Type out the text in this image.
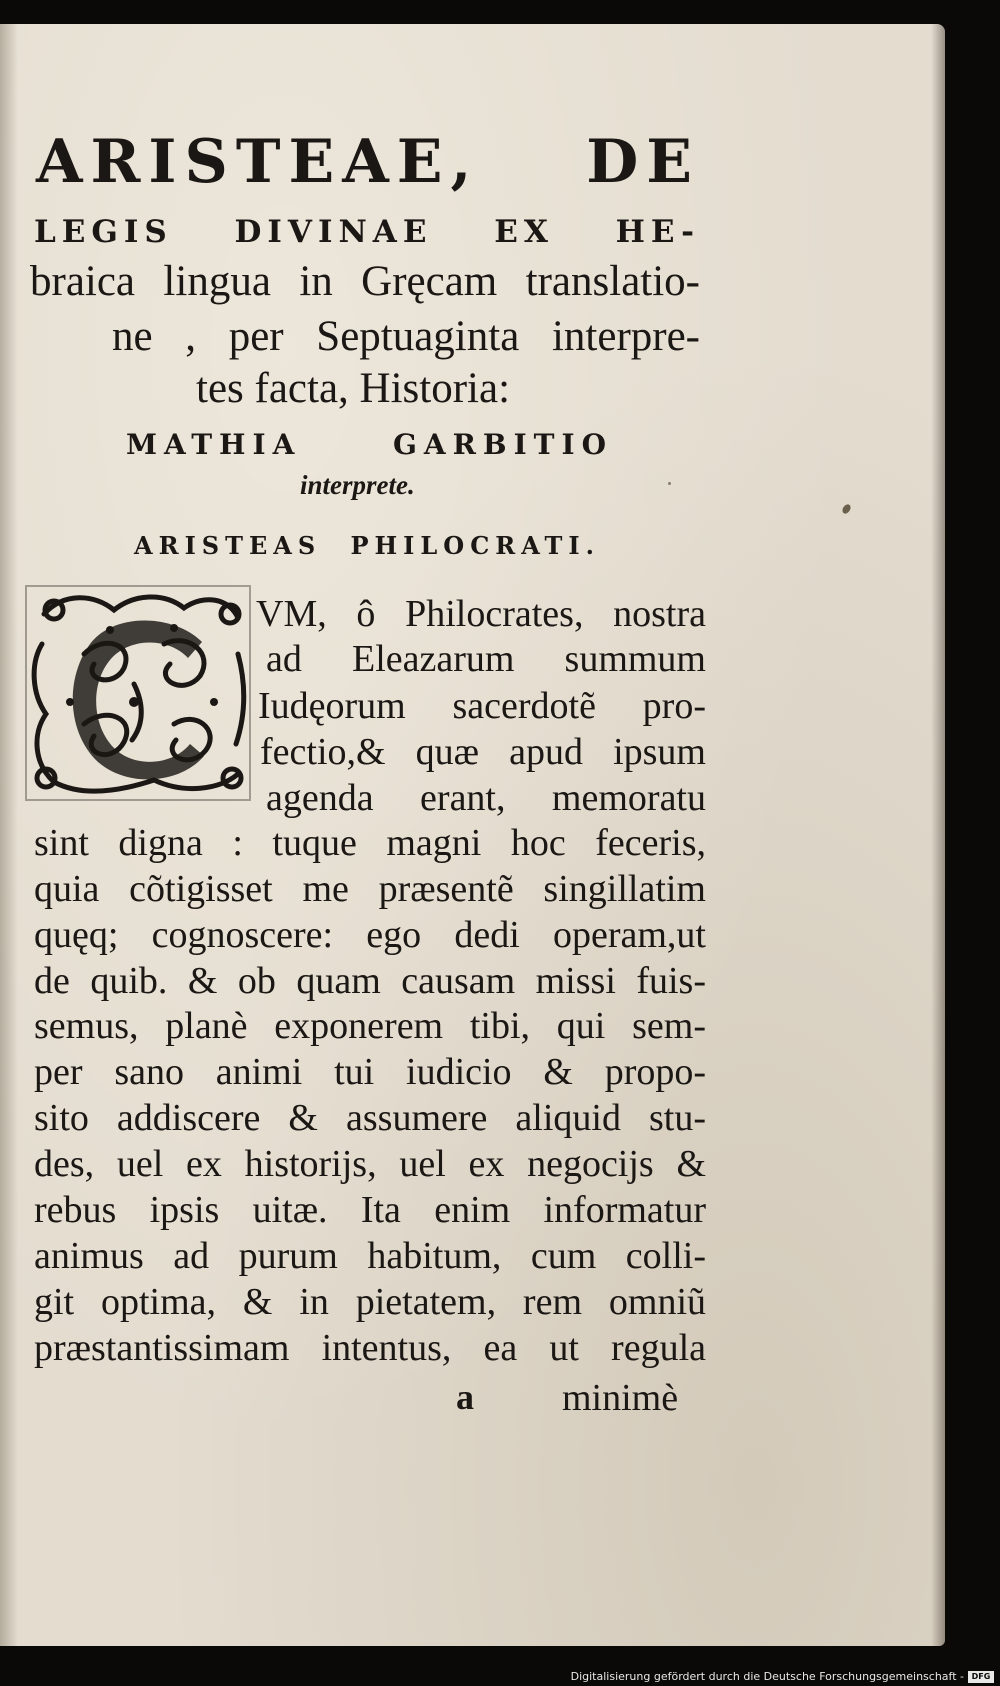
ARISTEAE, DE
LEGIS DIVINAE EX HE-
braica lingua in Gręcam translatio-
ne , per Septuaginta interpre-
tes facta, Historia:
MATHIA GARBITIO
interprete.
ARISTEAS PHILOCRATI.
VM, ô Philocrates, nostra
ad Eleazarum summum
Iudęorum sacerdotẽ pro-
fectio,& quæ apud ipsum
agenda erant, memoratu
sint digna : tuque magni hoc feceris,
quia cõtigisset me præsentẽ singillatim
quęq; cognoscere: ego dedi operam,ut
de quib. & ob quam causam missi fuis-
semus, planè exponerem tibi, qui sem-
per sano animi tui iudicio & propo-
sito addiscere & assumere aliquid stu-
des, uel ex historijs, uel ex negocijs &
rebus ipsis uitæ. Ita enim informatur
animus ad purum habitum, cum colli-
git optima, & in pietatem, rem omniũ
præstantissimam intentus, ea ut regula
a minimè
Digitalisierung gefördert durch die Deutsche Forschungsgemeinschaft - DFG
